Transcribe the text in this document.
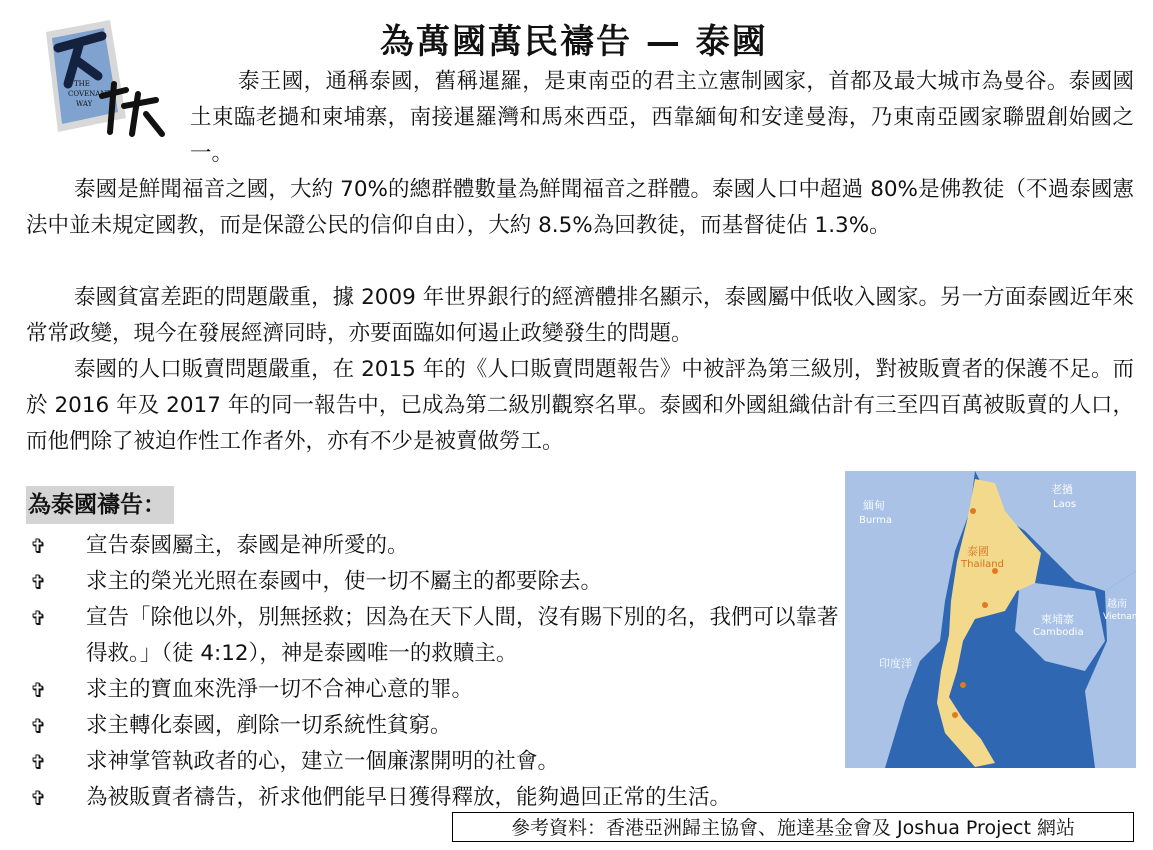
THE
COVENANT
WAY
為萬國萬民禱告 — 泰國

泰王國，通稱泰國，舊稱暹羅，是東南亞的君主立憲制國家，首都及最大城市為曼谷。泰國國土東臨老撾和柬埔寨，南接暹羅灣和馬來西亞，西靠緬甸和安達曼海，乃東南亞國家聯盟創始國之一。

泰國是鮮聞福音之國，大約 70%的總群體數量為鮮聞福音之群體。泰國人口中超過 80%是佛教徒（不過泰國憲法中並未規定國教，而是保證公民的信仰自由），大約 8.5%為回教徒，而基督徒佔 1.3%。

泰國貧富差距的問題嚴重，據 2009 年世界銀行的經濟體排名顯示，泰國屬中低收入國家。另一方面泰國近年來常常政變，現今在發展經濟同時，亦要面臨如何遏止政變發生的問題。

泰國的人口販賣問題嚴重，在 2015 年的《人口販賣問題報告》中被評為第三級別，對被販賣者的保護不足。而於 2016 年及 2017 年的同一報告中，已成為第二級別觀察名單。泰國和外國組織估計有三至四百萬被販賣的人口，而他們除了被迫作性工作者外，亦有不少是被賣做勞工。

為泰國禱告：
✞ 宣告泰國屬主，泰國是神所愛的。
✞ 求主的榮光光照在泰國中，使一切不屬主的都要除去。
✞ 宣告「除他以外，別無拯救；因為在天下人間，沒有賜下別的名，我們可以靠著得救。」（徒 4:12），神是泰國唯一的救贖主。
✞ 求主的寶血來洗淨一切不合神心意的罪。
✞ 求主轉化泰國，剷除一切系統性貧窮。
✞ 求神掌管執政者的心，建立一個廉潔開明的社會。
✞ 為被販賣者禱告，祈求他們能早日獲得釋放，能夠過回正常的生活。
緬甸
Burma
老撾
Laos
泰國
Thailand
柬埔寨
Cambodia
越南
Vietnam
印度洋
參考資料：香港亞洲歸主協會、施達基金會及 Joshua Project 網站
